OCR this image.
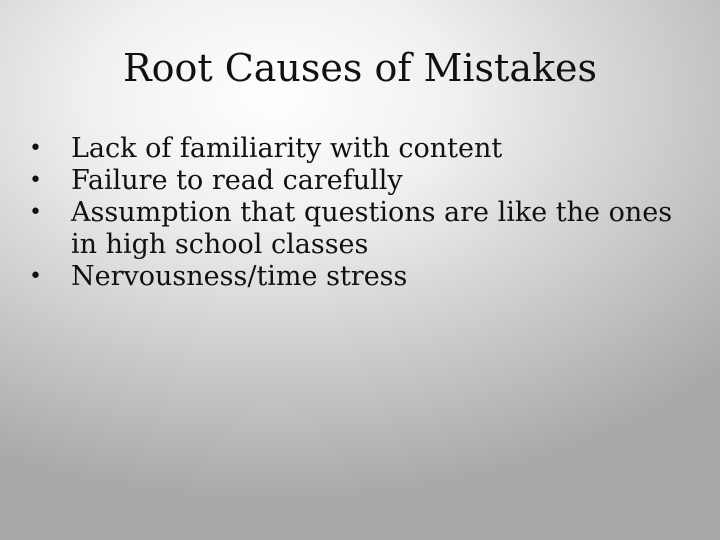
Root Causes of Mistakes
• Lack of familiarity with content
• Failure to read carefully
• Assumption that questions are like the ones in high school classes
• Nervousness/time stress
